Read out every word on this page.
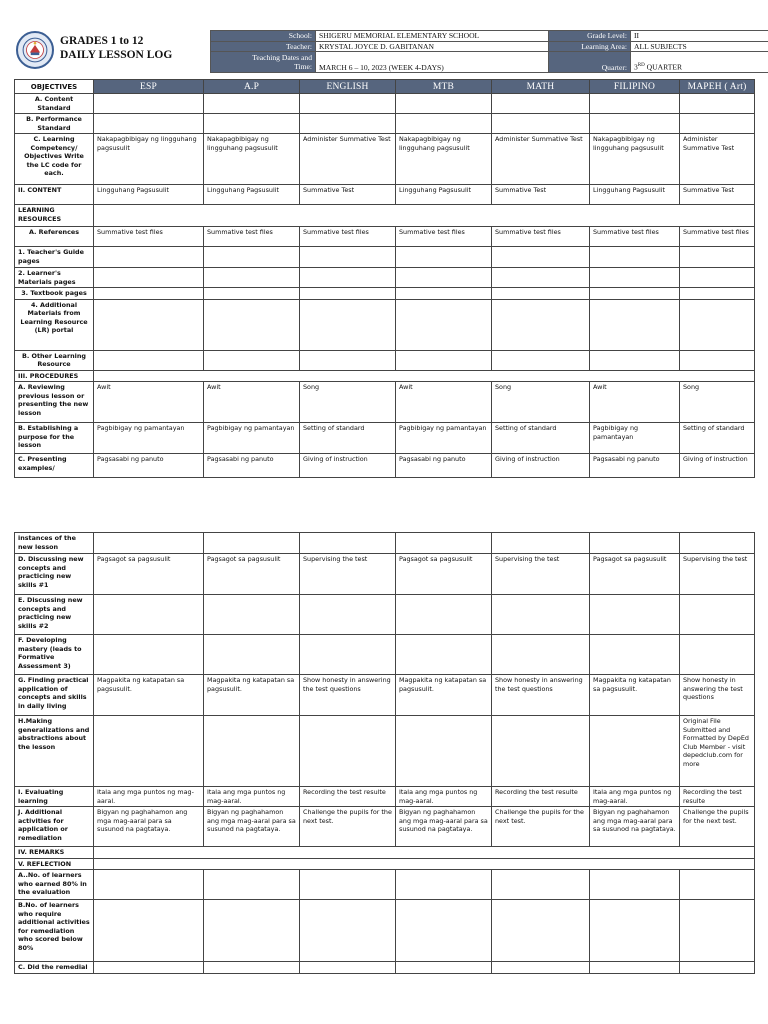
GRADES 1 to 12
DAILY LESSON LOG
School:	SHIGERU MEMORIAL ELEMENTARY SCHOOL	Grade Level:	II
Teacher:	KRYSTAL JOYCE D. GABITANAN	Learning Area:	ALL SUBJECTS

Teaching Dates and
Time:	MARCH 6 – 10, 2023 (WEEK 4-DAYS)	Quarter:	3RD QUARTER
OBJECTIVES	ESP	A.P	ENGLISH	MTB	MATH	FILIPINO	MAPEH ( Art)
A. Content Standard							
B. Performance Standard							
C. Learning Competency/ Objectives Write the LC code for each.	Nakapagbibigay ng lingguhang pagsusulit	Nakapagbibigay ng lingguhang pagsusulit	Administer Summative Test	Nakapagbibigay ng lingguhang pagsusulit	Administer Summative Test	Nakapagbibigay ng lingguhang pagsusulit	Administer Summative Test
II. CONTENT	Lingguhang Pagsusulit	Lingguhang Pagsusulit	Summative Test	Lingguhang Pagsusulit	Summative Test	Lingguhang Pagsusulit	Summative Test
LEARNING RESOURCES							
A. References	Summative test files	Summative test files	Summative test files	Summative test files	Summative test files	Summative test files	Summative test files
1. Teacher's Guide pages							
2. Learner's Materials pages							
3. Textbook pages							
4. Additional Materials from Learning Resource (LR) portal							
B. Other Learning Resource							
III. PROCEDURES							
A. Reviewing previous lesson or presenting the new lesson	Awit	Awit	Song	Awit	Song	Awit	Song
B. Establishing a purpose for the lesson	Pagbibigay ng pamantayan	Pagbibigay ng pamantayan	Setting of standard	Pagbibigay ng pamantayan	Setting of standard	Pagbibigay ng pamantayan	Setting of standard
C. Presenting examples/	Pagsasabi ng panuto	Pagsasabi ng panuto	Giving of instruction	Pagsasabi ng panuto	Giving of instruction	Pagsasabi ng panuto	Giving of instruction
instances of the new lesson							
D. Discussing new concepts and practicing new skills #1	Pagsagot sa pagsusulit	Pagsagot sa pagsusulit	Supervising the test	Pagsagot sa pagsusulit	Supervising the test	Pagsagot sa pagsusulit	Supervising the test
E. Discussing new concepts and practicing new skills #2							
F. Developing mastery (leads to Formative Assessment 3)							
G. Finding practical application of concepts and skills in daily living	Magpakita ng katapatan sa pagsusulit.	Magpakita ng katapatan sa pagsusulit.	Show honesty in answering the test questions	Magpakita ng katapatan sa pagsusulit.	Show honesty in answering the test questions	Magpakita ng katapatan sa pagsusulit.	Show honesty in answering the test questions
H.Making generalizations and abstractions about the lesson							Original File Submitted and Formatted by DepEd Club Member - visit depedclub.com for more
I. Evaluating learning	Itala ang mga puntos ng mag-aaral.	Itala ang mga puntos ng mag-aaral.	Recording the test resulte	Itala ang mga puntos ng mag-aaral.	Recording the test resulte	Itala ang mga puntos ng mag-aaral.	Recording the test resulte
J. Additional activities for application or remediation	Bigyan ng paghahamon ang mga mag-aaral para sa susunod na pagtataya.	Bigyan ng paghahamon ang mga mag-aaral para sa susunod na pagtataya.	Challenge the pupils for the next test.	Bigyan ng paghahamon ang mga mag-aaral para sa susunod na pagtataya.	Challenge the pupils for the next test.	Bigyan ng paghahamon ang mga mag-aaral para sa susunod na pagtataya.	Challenge the pupils for the next test.
IV. REMARKS							
V. REFLECTION							
A..No. of learners who earned 80% in the evaluation							
B.No. of learners who require additional activities for remediation who scored below 80%							
C. Did the remedial							
